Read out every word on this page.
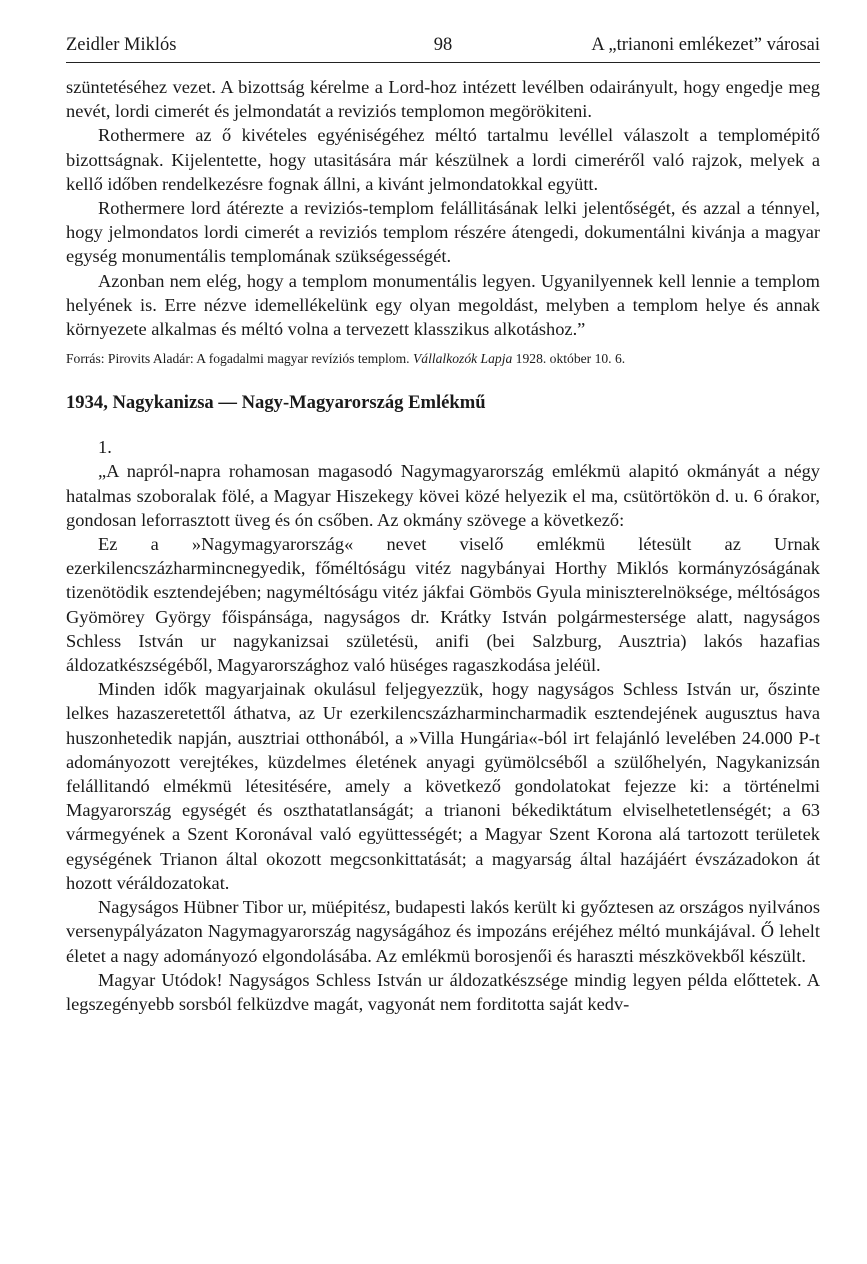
Zeidler Miklós	98	A „trianoni emlékezet” városai

szüntetéséhez vezet. A bizottság kérelme a Lord-hoz intézett levélben odairányult, hogy engedje meg nevét, lordi cimerét és jelmondatát a reviziós templomon megörökiteni.

Rothermere az ő kivételes egyéniségéhez méltó tartalmu levéllel válaszolt a templomépitő bizottságnak. Kijelentette, hogy utasitására már készülnek a lordi cimeréről való rajzok, melyek a kellő időben rendelkezésre fognak állni, a kivánt jelmondatokkal együtt.

Rothermere lord átérezte a reviziós-templom felállitásának lelki jelentőségét, és azzal a ténnyel, hogy jelmondatos lordi cimerét a reviziós templom részére átengedi, dokumentálni kivánja a magyar egység monumentális templomának szükségességét.

Azonban nem elég, hogy a templom monumentális legyen. Ugyanilyennek kell lennie a templom helyének is. Erre nézve idemellékelünk egy olyan megoldást, melyben a templom helye és annak környezete alkalmas és méltó volna a tervezett klasszikus alkotáshoz.”

Forrás: Pirovits Aladár: A fogadalmi magyar revíziós templom. Vállalkozók Lapja 1928. október 10. 6.

1934, Nagykanizsa — Nagy-Magyarország Emlékmű

1.

„A napról-napra rohamosan magasodó Nagymagyarország emlékmü alapitó okmányát a négy hatalmas szoboralak fölé, a Magyar Hiszekegy kövei közé helyezik el ma, csütörtökön d. u. 6 órakor, gondosan leforrasztott üveg és ón csőben. Az okmány szövege a következő:

Ez a »Nagymagyarország« nevet viselő emlékmü létesült az Urnak ezerkilencszázharmincnegyedik, főméltóságu vitéz nagybányai Horthy Miklós kormányzóságának tizenötödik esztendejében; nagyméltóságu vitéz jákfai Gömbös Gyula miniszterelnöksége, méltóságos Gyömörey György főispánsága, nagyságos dr. Krátky István polgármestersége alatt, nagyságos Schless István ur nagykanizsai születésü, anifi (bei Salzburg, Ausztria) lakós hazafias áldozatkészségéből, Magyarországhoz való hüséges ragaszkodása jeléül.

Minden idők magyarjainak okulásul feljegyezzük, hogy nagyságos Schless István ur, őszinte lelkes hazaszeretettől áthatva, az Ur ezerkilencszázharmincharmadik esztendejének augusztus hava huszonhetedik napján, ausztriai otthonából, a »Villa Hungária«-ból irt felajánló levelében 24.000 P-t adományozott verejtékes, küzdelmes életének anyagi gyümölcséből a szülőhelyén, Nagykanizsán felállitandó elmékmü létesitésére, amely a következő gondolatokat fejezze ki: a történelmi Magyarország egységét és oszthatatlanságát; a trianoni békediktátum elviselhetetlenségét; a 63 vármegyének a Szent Koronával való együttességét; a Magyar Szent Korona alá tartozott területek egységének Trianon által okozott megcsonkittatását; a magyarság által hazájáért évszázadokon át hozott véráldozatokat.

Nagyságos Hübner Tibor ur, müépitész, budapesti lakós került ki győztesen az országos nyilvános versenypályázaton Nagymagyarország nagyságához és impozáns eréjéhez méltó munkájával. Ő lehelt életet a nagy adományozó elgondolásába. Az emlékmü borosjenői és haraszti mészkövekből készült.

Magyar Utódok! Nagyságos Schless István ur áldozatkészsége mindig legyen példa előttetek. A legszegényebb sorsból felküzdve magát, vagyonát nem forditotta saját kedv-
